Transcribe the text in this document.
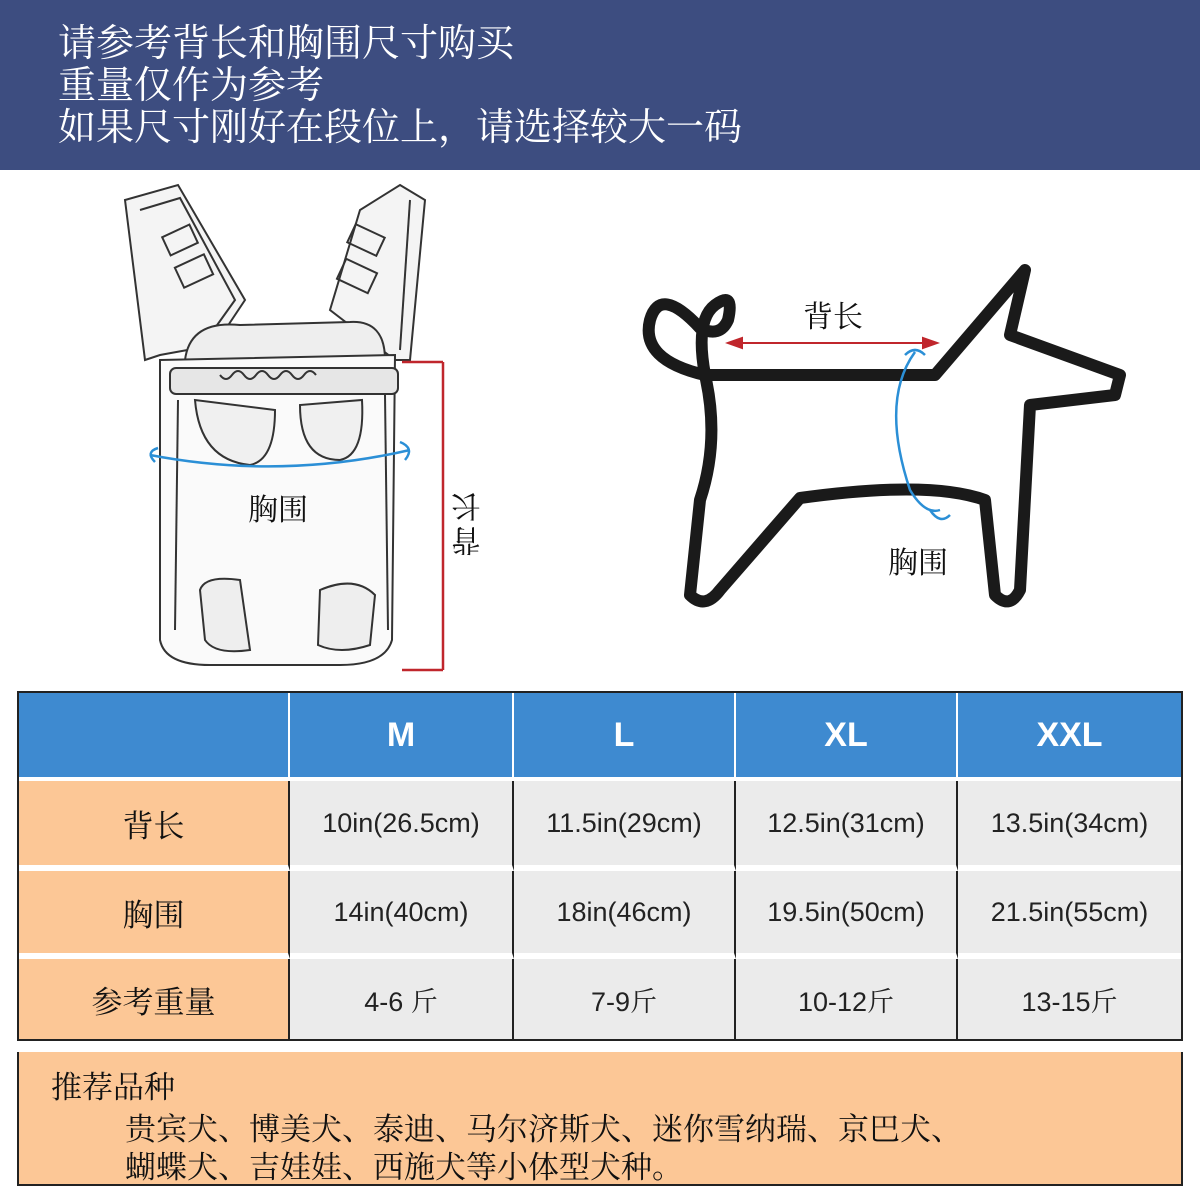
请参考背长和胸围尺寸购买
重量仅作为参考
如果尺寸刚好在段位上，请选择较大一码
胸围	背长
背长
胸围
	M	L	XL	XXL
背长	10in(26.5cm)	11.5in(29cm)	12.5in(31cm)	13.5in(34cm)
胸围	14in(40cm)	18in(46cm)	19.5in(50cm)	21.5in(55cm)
参考重量	4-6 斤	7-9斤	10-12斤	13-15斤
推荐品种
贵宾犬、博美犬、泰迪、马尔济斯犬、迷你雪纳瑞、京巴犬、
蝴蝶犬、吉娃娃、西施犬等小体型犬种。
